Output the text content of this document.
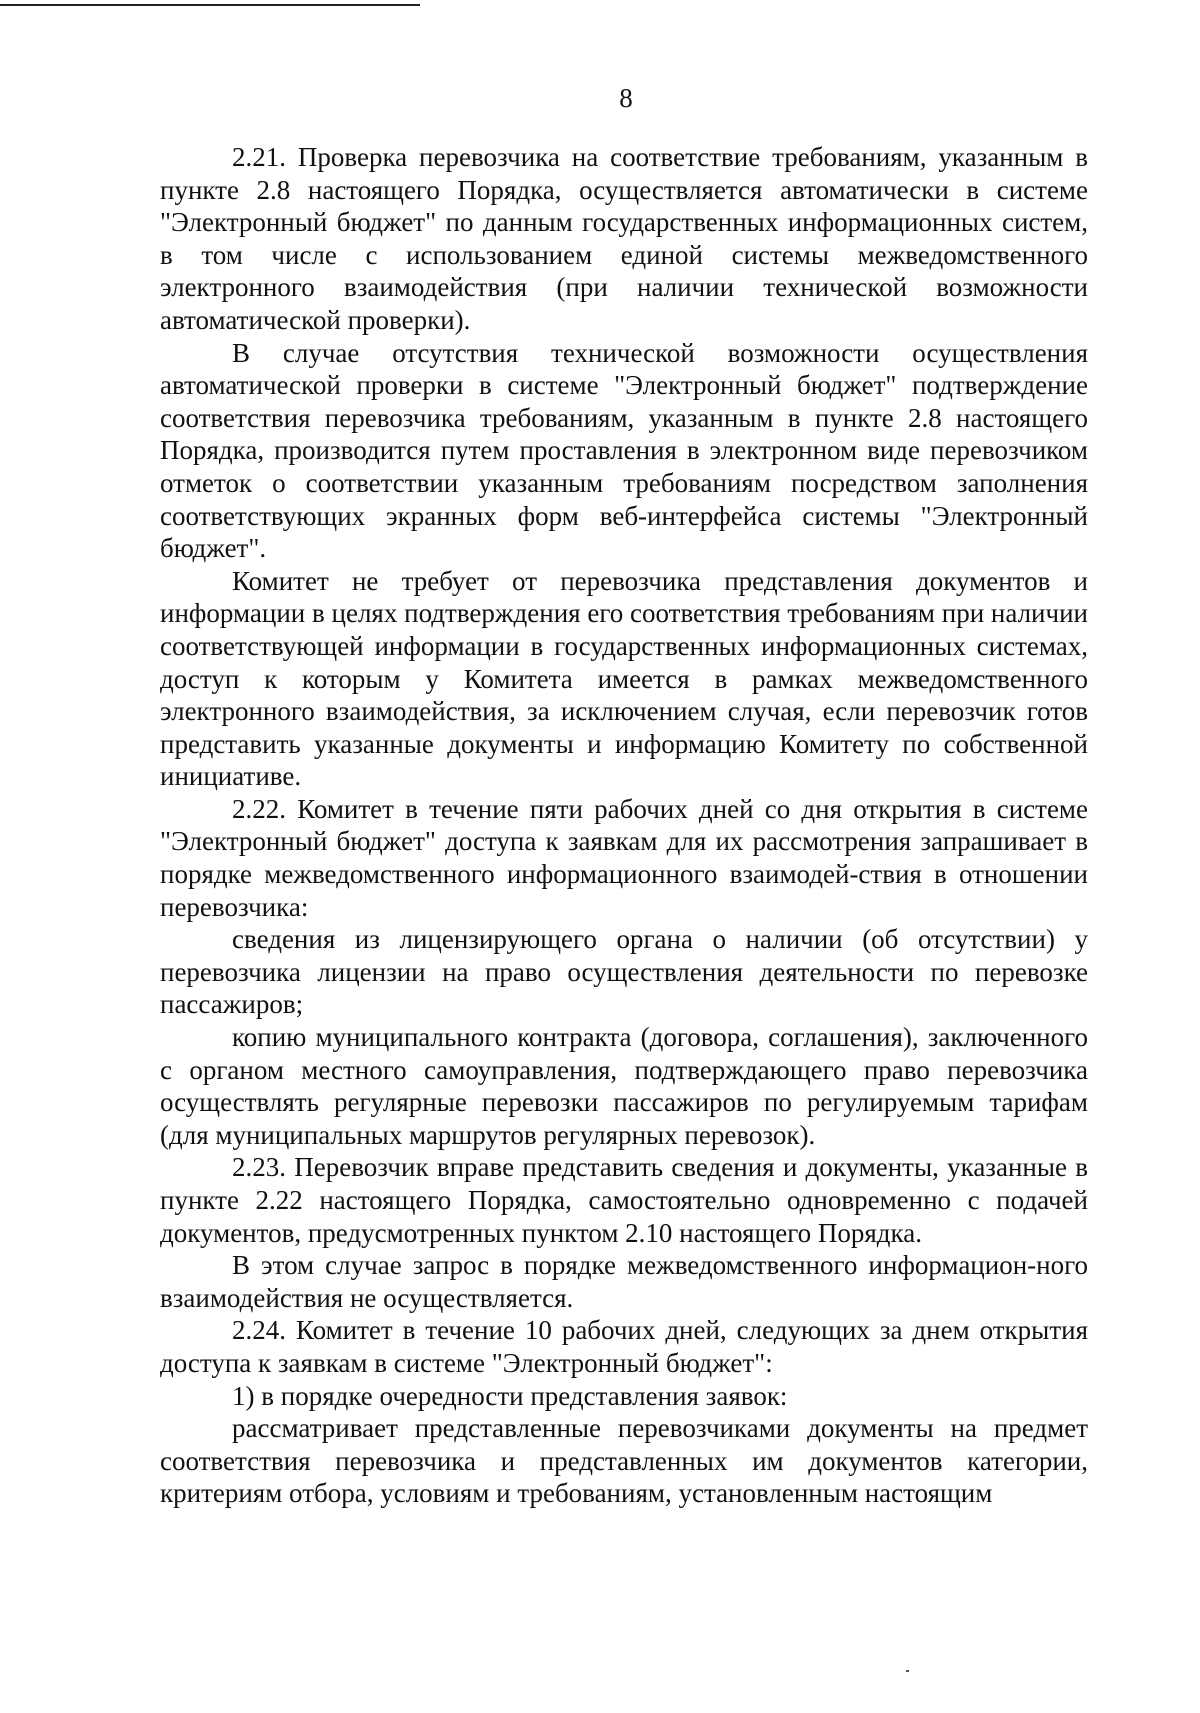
8

2.21. Проверка перевозчика на соответствие требованиям, указанным в пункте 2.8 настоящего Порядка, осуществляется автоматически в системе "Электронный бюджет" по данным государственных информационных систем, в том числе с использованием единой системы межведомственного электронного взаимодействия (при наличии технической возможности автоматической проверки).

В случае отсутствия технической возможности осуществления автоматической проверки в системе "Электронный бюджет" подтверждение соответствия перевозчика требованиям, указанным в пункте 2.8 настоящего Порядка, производится путем проставления в электронном виде перевозчиком отметок о соответствии указанным требованиям посредством заполнения соответствующих экранных форм веб-интерфейса системы "Электронный бюджет".

Комитет не требует от перевозчика представления документов и информации в целях подтверждения его соответствия требованиям при наличии соответствующей информации в государственных информационных системах, доступ к которым у Комитета имеется в рамках межведомственного электронного взаимодействия, за исключением случая, если перевозчик готов представить указанные документы и информацию Комитету по собственной инициативе.

2.22. Комитет в течение пяти рабочих дней со дня открытия в системе "Электронный бюджет" доступа к заявкам для их рассмотрения запрашивает в порядке межведомственного информационного взаимодей-ствия в отношении перевозчика:

сведения из лицензирующего органа о наличии (об отсутствии) у перевозчика лицензии на право осуществления деятельности по перевозке пассажиров;

копию муниципального контракта (договора, соглашения), заключенного с органом местного самоуправления, подтверждающего право перевозчика осуществлять регулярные перевозки пассажиров по регулируемым тарифам (для муниципальных маршрутов регулярных перевозок).

2.23. Перевозчик вправе представить сведения и документы, указанные в пункте 2.22 настоящего Порядка, самостоятельно одновременно с подачей документов, предусмотренных пунктом 2.10 настоящего Порядка.

В этом случае запрос в порядке межведомственного информацион-ного взаимодействия не осуществляется.

2.24. Комитет в течение 10 рабочих дней, следующих за днем открытия доступа к заявкам в системе "Электронный бюджет":

1) в порядке очередности представления заявок:

рассматривает представленные перевозчиками документы на предмет соответствия перевозчика и представленных им документов категории, критериям отбора, условиям и требованиям, установленным настоящим
